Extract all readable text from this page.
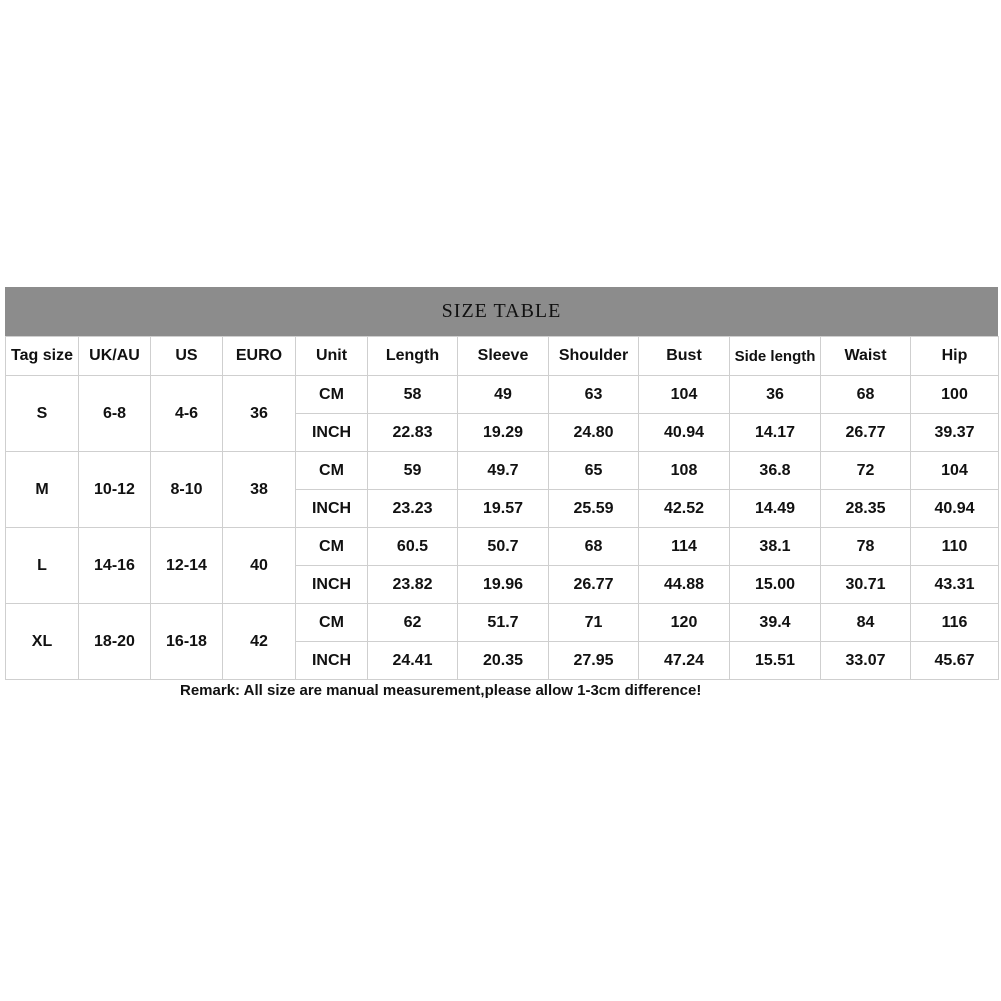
SIZE TABLE
Tag size	UK/AU	US	EURO	Unit	Length	Sleeve	Shoulder	Bust	Side length	Waist	Hip
S	6-8	4-6	36	CM	58	49	63	104	36	68	100
				INCH	22.83	19.29	24.80	40.94	14.17	26.77	39.37
M	10-12	8-10	38	CM	59	49.7	65	108	36.8	72	104
				INCH	23.23	19.57	25.59	42.52	14.49	28.35	40.94
L	14-16	12-14	40	CM	60.5	50.7	68	114	38.1	78	110
				INCH	23.82	19.96	26.77	44.88	15.00	30.71	43.31
XL	18-20	16-18	42	CM	62	51.7	71	120	39.4	84	116
				INCH	24.41	20.35	27.95	47.24	15.51	33.07	45.67
Remark: All size are manual measurement,please allow 1-3cm difference!
